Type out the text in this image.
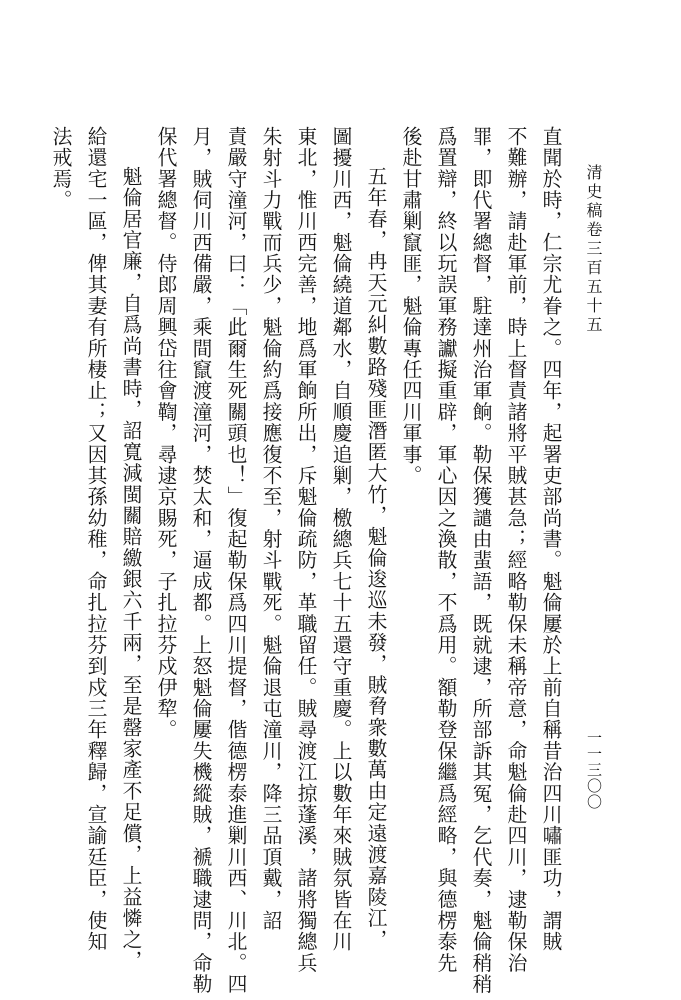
清史稿卷三百五十五
一一三〇〇

直聞於時，仁宗尤眷之。四年，起署吏部尚書。魁倫屢於上前自稱昔治四川嘯匪功，謂賊

不難辦，請赴軍前，時上督責諸將平賊甚急；經略勒保未稱帝意，命魁倫赴四川，逮勒保治

罪，即代署總督，駐達州治軍餉。勒保獲譴由蜚語，既就逮，所部訴其冤，乞代奏，魁倫稍稍

爲置辯，終以玩誤軍務讞擬重辟，軍心因之渙散，不爲用。額勒登保繼爲經略，與德楞泰先

後赴甘肅剿竄匪，魁倫專任四川軍事。

五年春，冉天元糾數路殘匪潛匿大竹，魁倫逡巡未發，賊脅衆數萬由定遠渡嘉陵江，

圖擾川西，魁倫繞道鄰水，自順慶追剿，檄總兵七十五還守重慶。上以數年來賊氛皆在川

東北，惟川西完善，地爲軍餉所出，斥魁倫疏防，革職留任。賊尋渡江掠蓬溪，諸將獨總兵

朱射斗力戰而兵少，魁倫約爲接應復不至，射斗戰死。魁倫退屯潼川，降三品頂戴，詔

責嚴守潼河，曰：「此爾生死關頭也！」復起勒保爲四川提督，偕德楞泰進剿川西、川北。四

月，賊伺川西備嚴，乘間竄渡潼河，焚太和，逼成都。上怒魁倫屢失機縱賊，褫職逮問，命勒

保代署總督。侍郎周興岱往會鞫，尋逮京賜死，子扎拉芬戍伊犂。

魁倫居官廉，自爲尚書時，詔寬減閩關賠繳銀六千兩，至是罄家產不足償，上益憐之，

給還宅一區，俾其妻有所棲止；又因其孫幼稚，命扎拉芬到戍三年釋歸，宣諭廷臣，使知

法戒焉。
